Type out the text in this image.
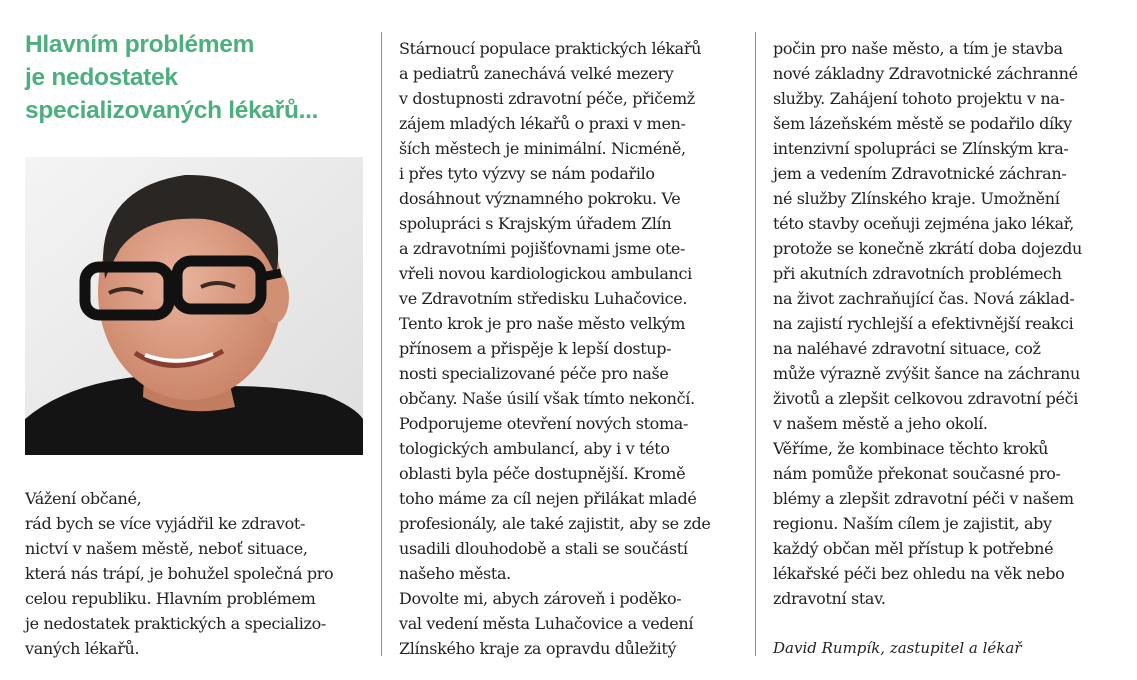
Hlavním problémem
je nedostatek
specializovaných lékařů...
Vážení občané,
rád bych se více vyjádřil ke zdravot-
nictví v našem městě, neboť situace,
která nás trápí, je bohužel společná pro
celou republiku. Hlavním problémem
je nedostatek praktických a specializo-
vaných lékařů.
Stárnoucí populace praktických lékařů
a pediatrů zanechává velké mezery
v dostupnosti zdravotní péče, přičemž
zájem mladých lékařů o praxi v men-
ších městech je minimální. Nicméně,
i přes tyto výzvy se nám podařilo
dosáhnout významného pokroku. Ve
spolupráci s Krajským úřadem Zlín
a zdravotními pojišťovnami jsme ote-
vřeli novou kardiologickou ambulanci
ve Zdravotním středisku Luhačovice.
Tento krok je pro naše město velkým
přínosem a přispěje k lepší dostup-
nosti specializované péče pro naše
občany. Naše úsilí však tímto nekončí.
Podporujeme otevření nových stoma-
tologických ambulancí, aby i v této
oblasti byla péče dostupnější. Kromě
toho máme za cíl nejen přilákat mladé
profesionály, ale také zajistit, aby se zde
usadili dlouhodobě a stali se součástí
našeho města.
Dovolte mi, abych zároveň i poděko-
val vedení města Luhačovice a vedení
Zlínského kraje za opravdu důležitý
počin pro naše město, a tím je stavba
nové základny Zdravotnické záchranné
služby. Zahájení tohoto projektu v na-
šem lázeňském městě se podařilo díky
intenzivní spolupráci se Zlínským kra-
jem a vedením Zdravotnické záchran-
né služby Zlínského kraje. Umožnění
této stavby oceňuji zejména jako lékař,
protože se konečně zkrátí doba dojezdu
při akutních zdravotních problémech
na život zachraňující čas. Nová základ-
na zajistí rychlejší a efektivnější reakci
na naléhavé zdravotní situace, což
může výrazně zvýšit šance na záchranu
životů a zlepšit celkovou zdravotní péči
v našem městě a jeho okolí.
Věříme, že kombinace těchto kroků
nám pomůže překonat současné pro-
blémy a zlepšit zdravotní péči v našem
regionu. Naším cílem je zajistit, aby
každý občan měl přístup k potřebné
lékařské péči bez ohledu na věk nebo
zdravotní stav.

David Rumpík, zastupitel a lékař
